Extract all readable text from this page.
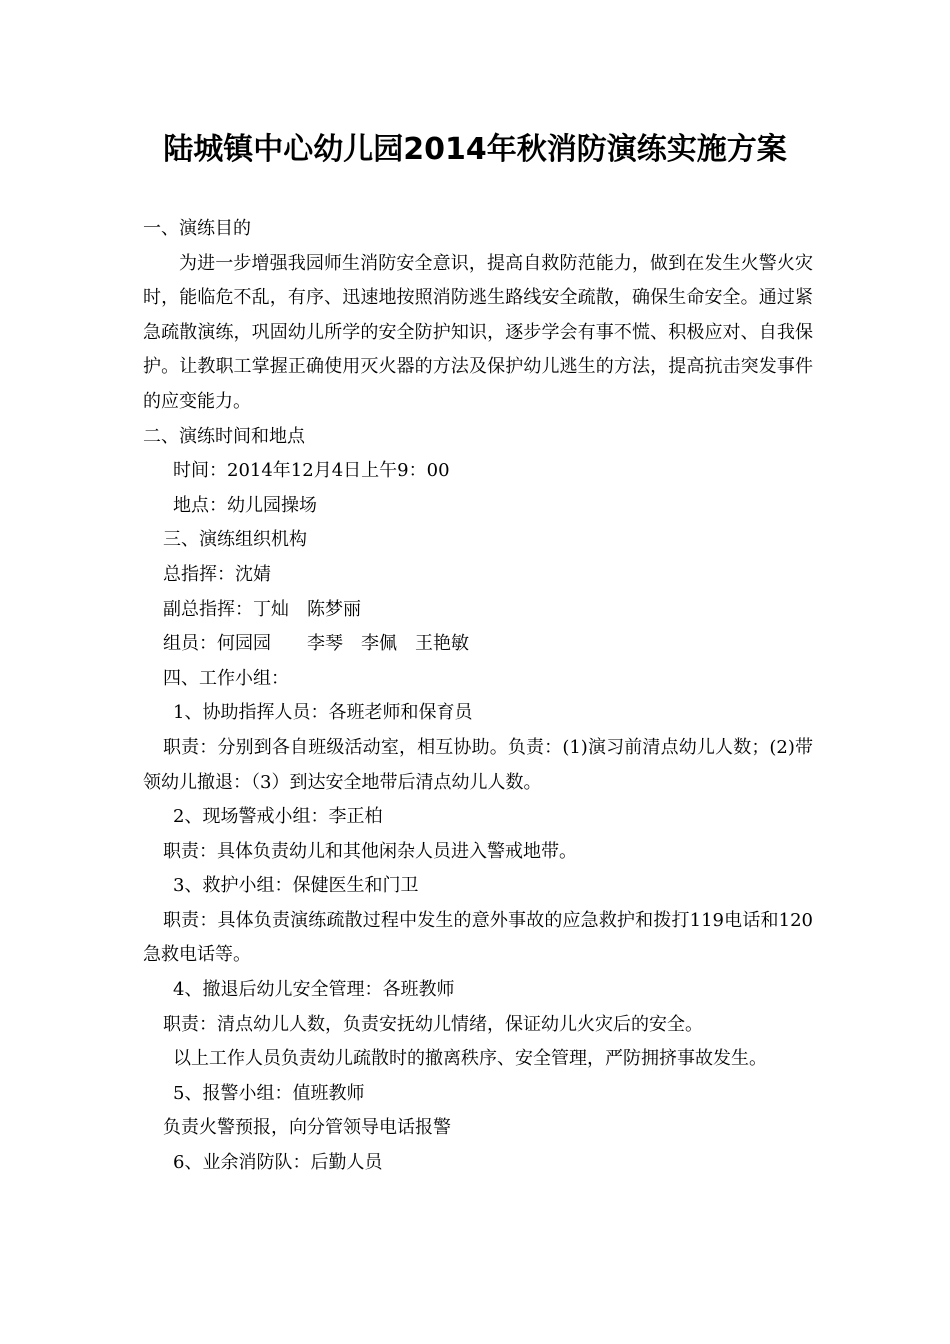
陆城镇中心幼儿园2014年秋消防演练实施方案

一、演练目的

为进一步增强我园师生消防安全意识，提高自救防范能力，做到在发生火警火灾时，能临危不乱，有序、迅速地按照消防逃生路线安全疏散，确保生命安全。通过紧急疏散演练，巩固幼儿所学的安全防护知识，逐步学会有事不慌、积极应对、自我保护。让教职工掌握正确使用灭火器的方法及保护幼儿逃生的方法，提高抗击突发事件的应变能力。

二、演练时间和地点

时间：2014年12月4日上午9：00

地点：幼儿园操场

三、演练组织机构

总指挥：沈婧

副总指挥：丁灿　陈梦丽

组员：何园园　　李琴　李佩　王艳敏

四、工作小组：

1、协助指挥人员：各班老师和保育员

职责：分别到各自班级活动室，相互协助。负责：(1)演习前清点幼儿人数；(2)带领幼儿撤退：（3）到达安全地带后清点幼儿人数。

2、现场警戒小组：李正柏

职责：具体负责幼儿和其他闲杂人员进入警戒地带。

3、救护小组：保健医生和门卫

职责：具体负责演练疏散过程中发生的意外事故的应急救护和拨打119电话和120急救电话等。

4、撤退后幼儿安全管理：各班教师

职责：清点幼儿人数，负责安抚幼儿情绪，保证幼儿火灾后的安全。

以上工作人员负责幼儿疏散时的撤离秩序、安全管理，严防拥挤事故发生。

5、报警小组：值班教师

负责火警预报，向分管领导电话报警

6、业余消防队：后勤人员
